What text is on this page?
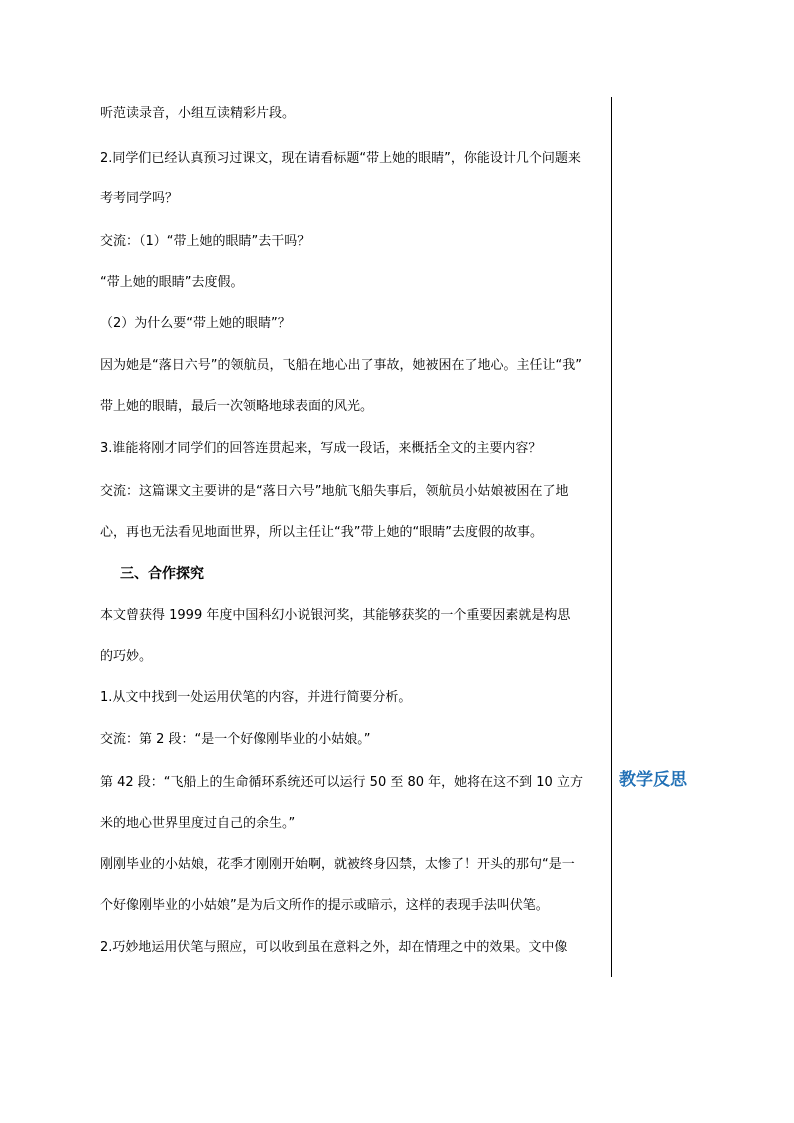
听范读录音，小组互读精彩片段。

2.同学们已经认真预习过课文，现在请看标题“带上她的眼睛”，你能设计几个问题来

考考同学吗？

交流：（1）“带上她的眼睛”去干吗？

“带上她的眼睛”去度假。

（2）为什么要“带上她的眼睛”？

因为她是“落日六号”的领航员，飞船在地心出了事故，她被困在了地心。主任让“我”

带上她的眼睛，最后一次领略地球表面的风光。

3.谁能将刚才同学们的回答连贯起来，写成一段话，来概括全文的主要内容？

交流：这篇课文主要讲的是“落日六号”地航飞船失事后，领航员小姑娘被困在了地

心，再也无法看见地面世界，所以主任让“我”带上她的“眼睛”去度假的故事。

三、合作探究

本文曾获得 1999 年度中国科幻小说银河奖，其能够获奖的一个重要因素就是构思

的巧妙。

1.从文中找到一处运用伏笔的内容，并进行简要分析。

交流：第 2 段：“是一个好像刚毕业的小姑娘。”

第 42 段：“飞船上的生命循环系统还可以运行 50 至 80 年，她将在这不到 10 立方

米的地心世界里度过自己的余生。”

刚刚毕业的小姑娘，花季才刚刚开始啊，就被终身囚禁，太惨了！开头的那句“是一

个好像刚毕业的小姑娘”是为后文所作的提示或暗示，这样的表现手法叫伏笔。

2.巧妙地运用伏笔与照应，可以收到虽在意料之外，却在情理之中的效果。文中像

教学反思
